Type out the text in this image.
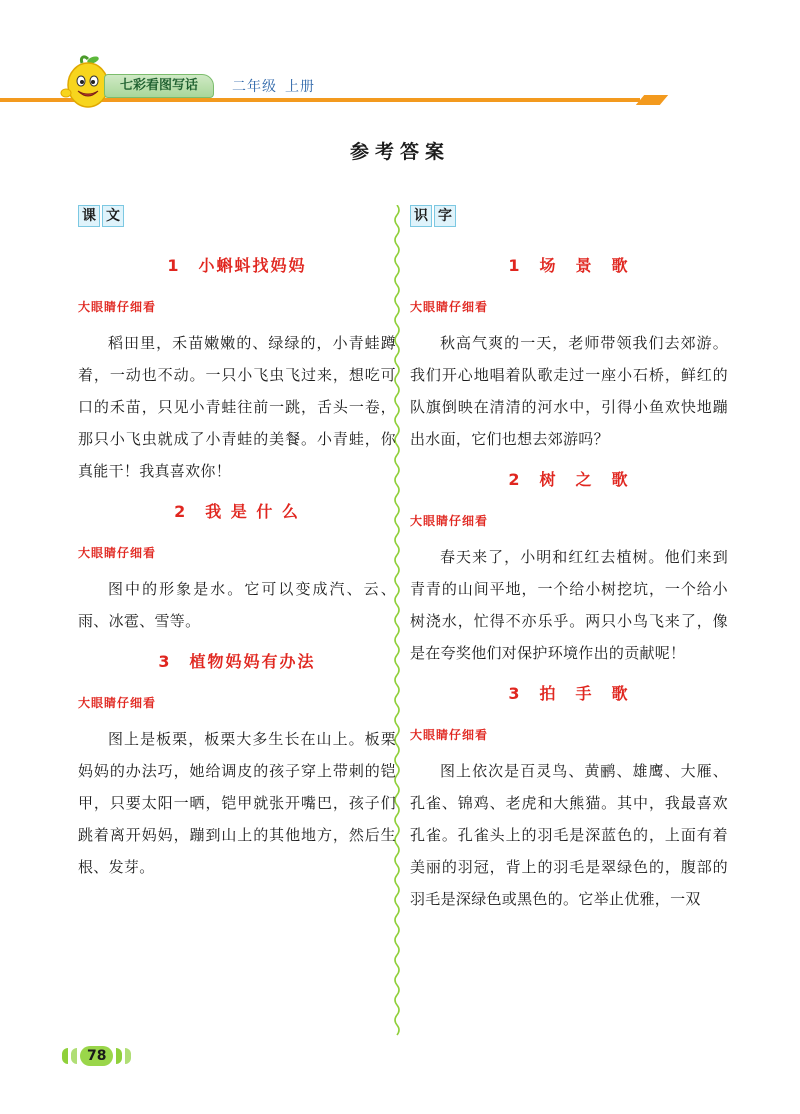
七彩看图写话	二年级 上册
参考答案
课 文

1　小蝌蚪找妈妈

大眼睛仔细看

稻田里，禾苗嫩嫩的、绿绿的，小青蛙蹲着，一动也不动。一只小飞虫飞过来，想吃可口的禾苗，只见小青蛙往前一跳，舌头一卷，那只小飞虫就成了小青蛙的美餐。小青蛙，你真能干！我真喜欢你！

2　我 是 什 么

大眼睛仔细看

图中的形象是水。它可以变成汽、云、雨、冰雹、雪等。

3　植物妈妈有办法

大眼睛仔细看

图上是板栗，板栗大多生长在山上。板栗妈妈的办法巧，她给调皮的孩子穿上带刺的铠甲，只要太阳一晒，铠甲就张开嘴巴，孩子们跳着离开妈妈，蹦到山上的其他地方，然后生根、发芽。

识 字

1　场　景　歌

大眼睛仔细看

秋高气爽的一天，老师带领我们去郊游。我们开心地唱着队歌走过一座小石桥，鲜红的队旗倒映在清清的河水中，引得小鱼欢快地蹦出水面，它们也想去郊游吗？

2　树　之　歌

大眼睛仔细看

春天来了，小明和红红去植树。他们来到青青的山间平地，一个给小树挖坑，一个给小树浇水，忙得不亦乐乎。两只小鸟飞来了，像是在夸奖他们对保护环境作出的贡献呢！

3　拍　手　歌

大眼睛仔细看

图上依次是百灵鸟、黄鹂、雄鹰、大雁、孔雀、锦鸡、老虎和大熊猫。其中，我最喜欢孔雀。孔雀头上的羽毛是深蓝色的，上面有着美丽的羽冠，背上的羽毛是翠绿色的，腹部的羽毛是深绿色或黑色的。它举止优雅，一双

78
